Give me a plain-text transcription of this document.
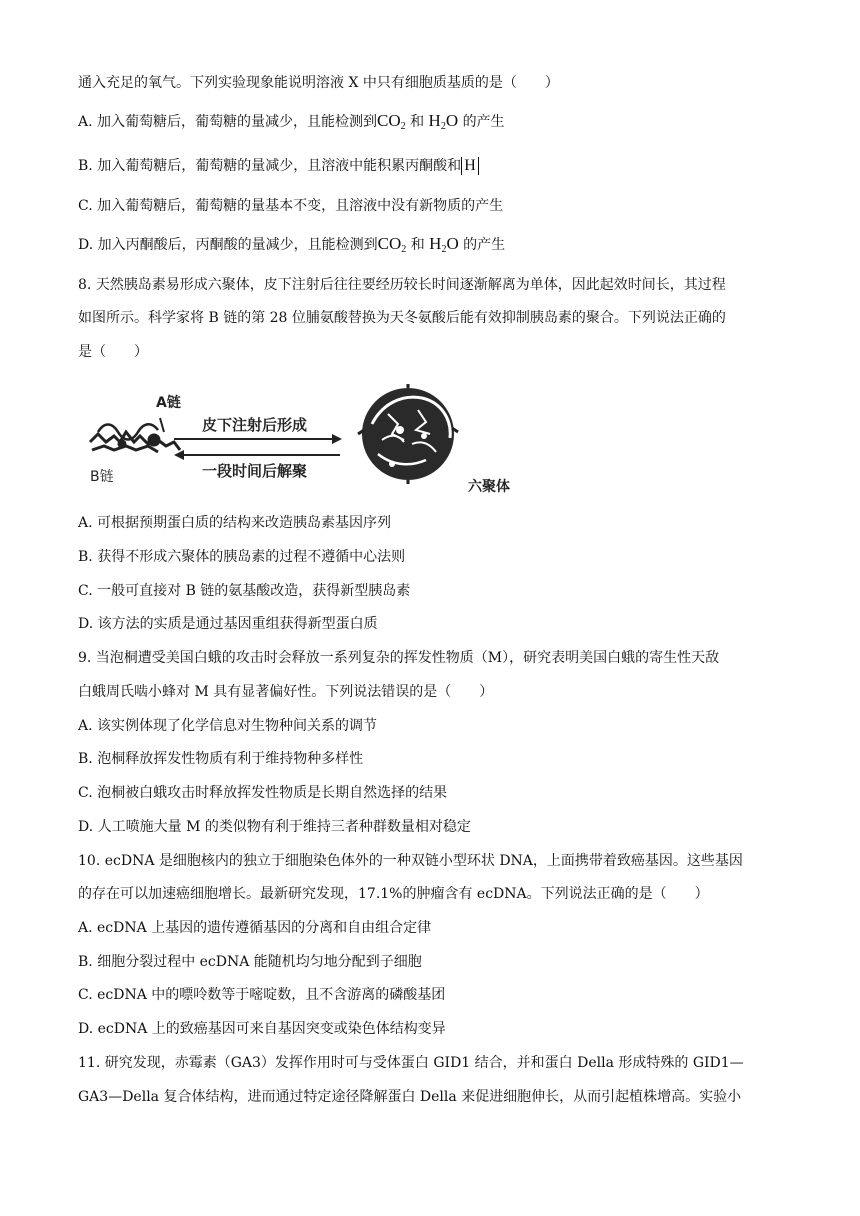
通入充足的氧气。下列实验现象能说明溶液 X 中只有细胞质基质的是（　　）
A. 加入葡萄糖后，葡萄糖的量减少，且能检测到$CO_2$ 和 $H_2O$ 的产生
B. 加入葡萄糖后，葡萄糖的量减少，且溶液中能积累丙酮酸和 H
C. 加入葡萄糖后，葡萄糖的量基本不变，且溶液中没有新物质的产生
D. 加入丙酮酸后，丙酮酸的量减少，且能检测到$CO_2$ 和 $H_2O$ 的产生
8. 天然胰岛素易形成六聚体，皮下注射后往往要经历较长时间逐渐解离为单体，因此起效时间长，其过程
如图所示。科学家将 B 链的第 28 位脯氨酸替换为天冬氨酸后能有效抑制胰岛素的聚合。下列说法正确的
是（　　）
A链
B链
皮下注射后形成
一段时间后解聚
六聚体
A. 可根据预期蛋白质的结构来改造胰岛素基因序列
B. 获得不形成六聚体的胰岛素的过程不遵循中心法则
C. 一般可直接对 B 链的氨基酸改造，获得新型胰岛素
D. 该方法的实质是通过基因重组获得新型蛋白质
9. 当泡桐遭受美国白蛾的攻击时会释放一系列复杂的挥发性物质（M），研究表明美国白蛾的寄生性天敌
白蛾周氏啮小蜂对 M 具有显著偏好性。下列说法错误的是（　　）
A. 该实例体现了化学信息对生物种间关系的调节
B. 泡桐释放挥发性物质有利于维持物种多样性
C. 泡桐被白蛾攻击时释放挥发性物质是长期自然选择的结果
D. 人工喷施大量 M 的类似物有利于维持三者种群数量相对稳定
10. ecDNA 是细胞核内的独立于细胞染色体外的一种双链小型环状 DNA，上面携带着致癌基因。这些基因
的存在可以加速癌细胞增长。最新研究发现，17.1%的肿瘤含有 ecDNA。下列说法正确的是（　　）
A. ecDNA 上基因的遗传遵循基因的分离和自由组合定律
B. 细胞分裂过程中 ecDNA 能随机均匀地分配到子细胞
C. ecDNA 中的嘌呤数等于嘧啶数，且不含游离的磷酸基团
D. ecDNA 上的致癌基因可来自基因突变或染色体结构变异
11. 研究发现，赤霉素（GA3）发挥作用时可与受体蛋白 GID1 结合，并和蛋白 Della 形成特殊的 GID1—
GA3—Della 复合体结构，进而通过特定途径降解蛋白 Della 来促进细胞伸长，从而引起植株增高。实验小
